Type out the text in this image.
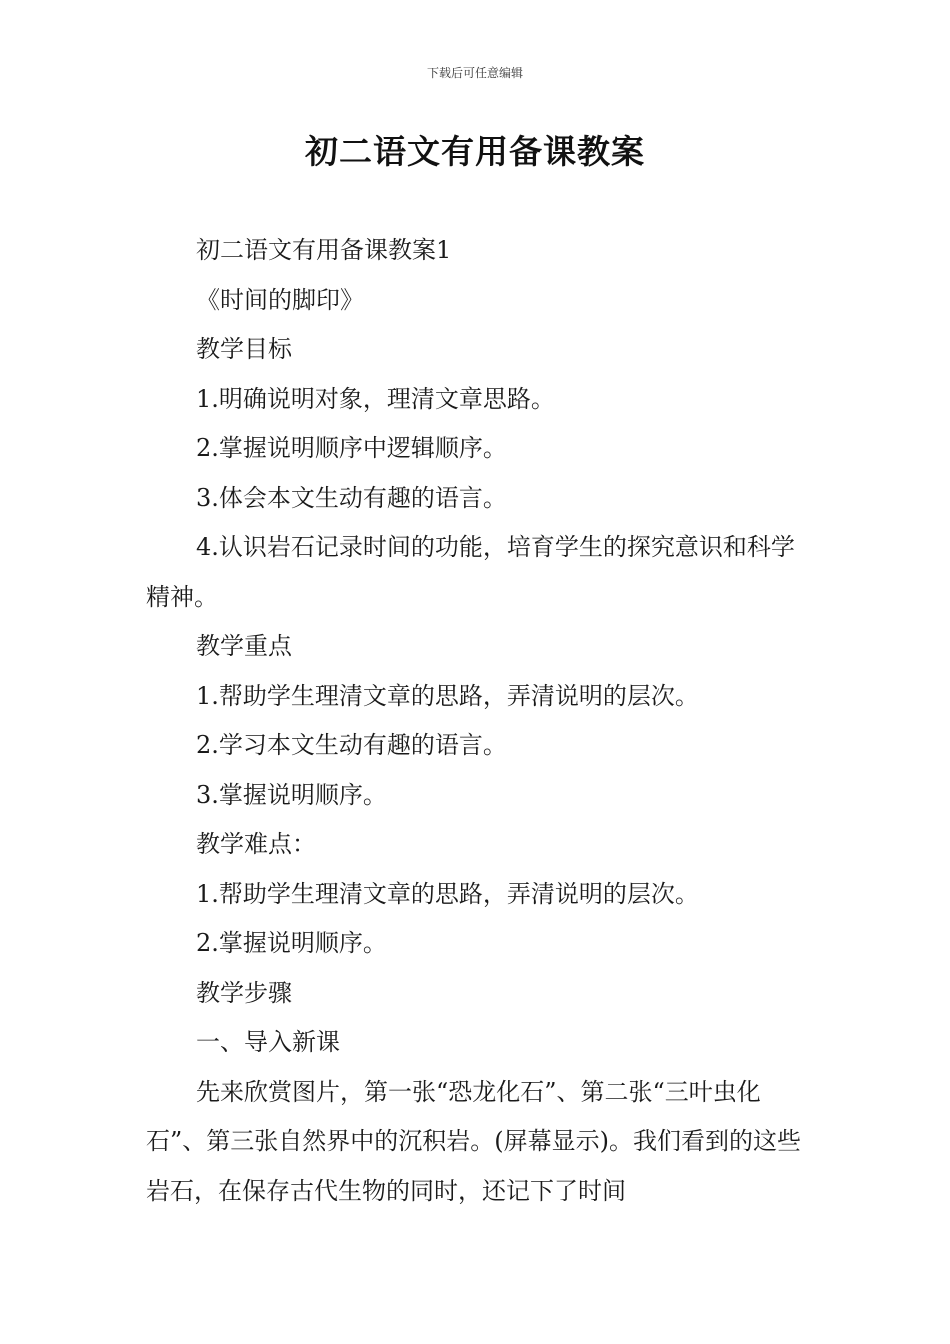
下载后可任意编辑
初二语文有用备课教案

初二语文有用备课教案1

《时间的脚印》

教学目标

1.明确说明对象，理清文章思路。

2.掌握说明顺序中逻辑顺序。

3.体会本文生动有趣的语言。

4.认识岩石记录时间的功能，培育学生的探究意识和科学精神。

教学重点

1.帮助学生理清文章的思路，弄清说明的层次。

2.学习本文生动有趣的语言。

3.掌握说明顺序。

教学难点：

1.帮助学生理清文章的思路，弄清说明的层次。

2.掌握说明顺序。

教学步骤

一、导入新课

先来欣赏图片，第一张“恐龙化石”、第二张“三叶虫化石”、第三张自然界中的沉积岩。(屏幕显示)。我们看到的这些岩石，在保存古代生物的同时，还记下了时间
